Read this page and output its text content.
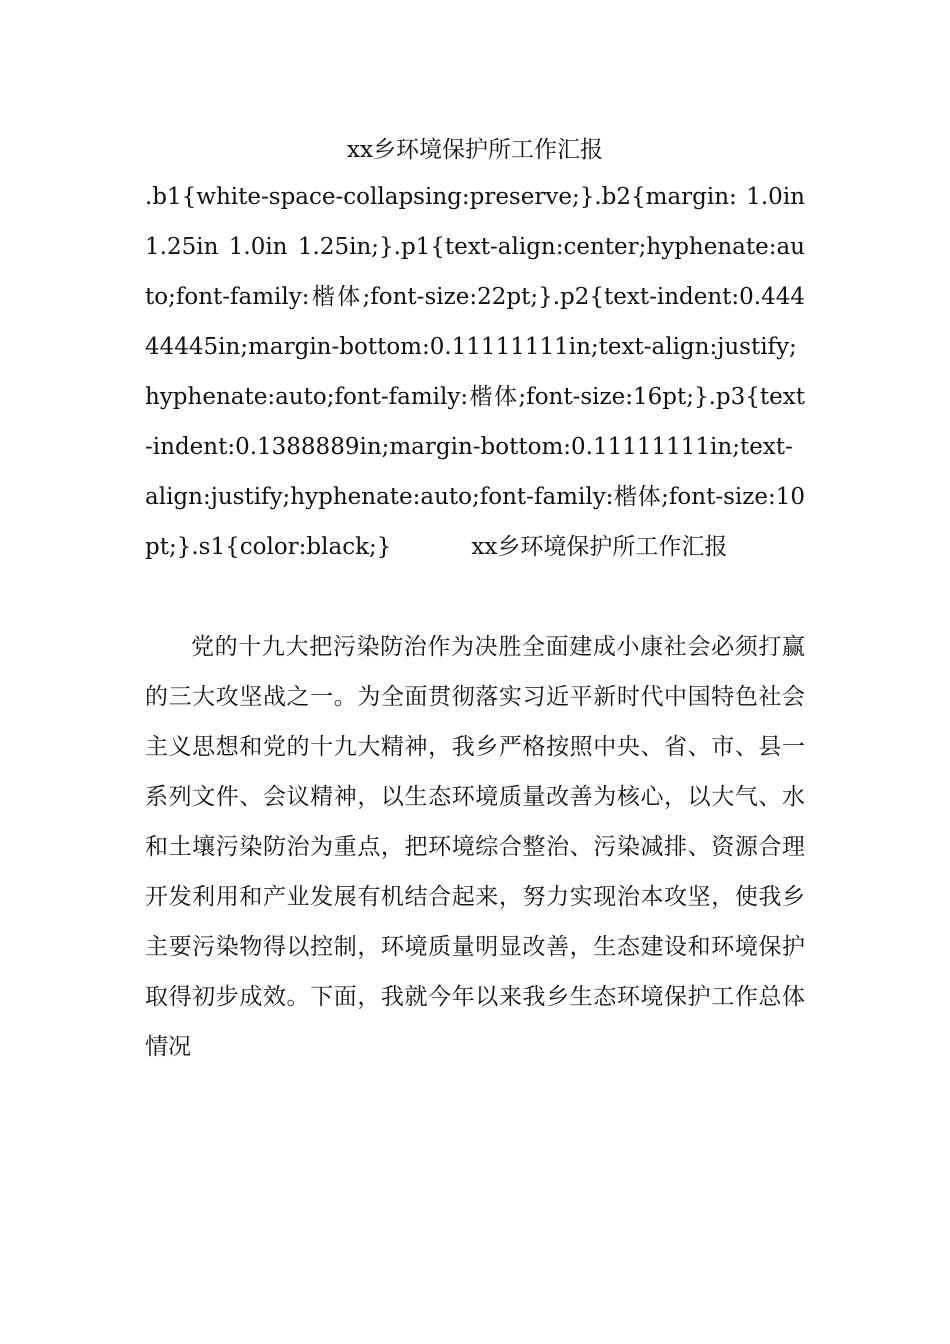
xx乡环境保护所工作汇报

.b1{white-space-collapsing:preserve;}.b2{margin: 1.0in 1.25in 1.0in 1.25in;}.p1{text-align:center;hyphenate:auto;font-family:楷体;font-size:22pt;}.p2{text-indent:0.44444445in;margin-bottom:0.11111111in;text-align:justify;hyphenate:auto;font-family:楷体;font-size:16pt;}.p3{text-indent:0.1388889in;margin-bottom:0.11111111in;text-align:justify;hyphenate:auto;font-family:楷体;font-size:10pt;}.s1{color:black;}	xx乡环境保护所工作汇报

党的十九大把污染防治作为决胜全面建成小康社会必须打赢的三大攻坚战之一。为全面贯彻落实习近平新时代中国特色社会主义思想和党的十九大精神，我乡严格按照中央、省、市、县一系列文件、会议精神，以生态环境质量改善为核心，以大气、水和土壤污染防治为重点，把环境综合整治、污染减排、资源合理开发利用和产业发展有机结合起来，努力实现治本攻坚，使我乡主要污染物得以控制，环境质量明显改善，生态建设和环境保护取得初步成效。下面，我就今年以来我乡生态环境保护工作总体情况
